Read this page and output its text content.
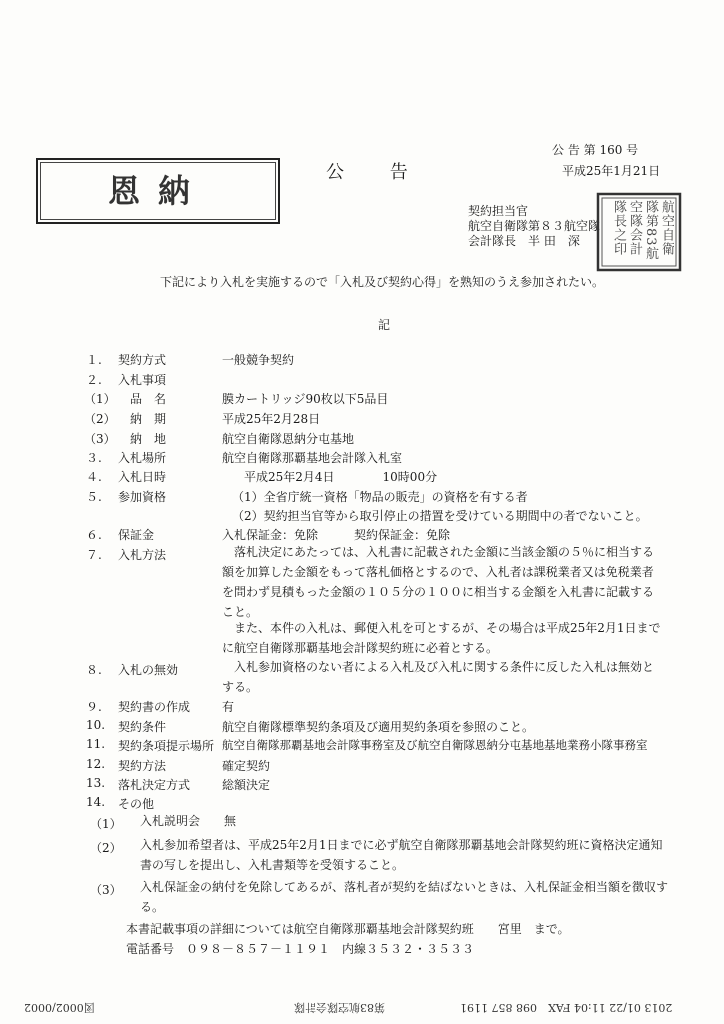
公 告 第 160 号
平成25年1月21日
公 告
恩納
契約担当官
航空自衛隊第８３航空隊
会計隊長　半 田　深	航空自衛隊第83航空隊会計隊長之印
下記により入札を実施するので「入札及び契約心得」を熟知のうえ参加されたい。
記
１. 契約方式	一般競争契約
２. 入札事項
（1） 品　名	膜カートリッジ90枚以下5品目
（2） 納　期	平成25年2月28日
（3） 納　地	航空自衛隊恩納分屯基地
３. 入札場所	航空自衛隊那覇基地会計隊入札室
４. 入札日時	平成25年2月4日　　　　10時00分
５. 参加資格	（1）全省庁統一資格「物品の販売」の資格を有する者
（2）契約担当官等から取引停止の措置を受けている期間中の者でないこと。
６. 保証金	入札保証金：免除　　　契約保証金：免除
７. 入札方法	落札決定にあたっては、入札書に記載された金額に当該金額の５％に相当する額を加算した金額をもって落札価格とするので、入札者は課税業者又は免税業者を問わず見積もった金額の１０５分の１００に相当する金額を入札書に記載すること。
また、本件の入札は、郵便入札を可とするが、その場合は平成25年2月1日までに航空自衛隊那覇基地会計隊契約班に必着とする。
８. 入札の無効	入札参加資格のない者による入札及び入札に関する条件に反した入札は無効とする。
９. 契約書の作成	有
10. 契約条件	航空自衛隊標準契約条項及び適用契約条項を参照のこと。
11. 契約条項提示場所 航空自衛隊那覇基地会計隊事務室及び航空自衛隊恩納分屯基地基地業務小隊事務室
12. 契約方法	確定契約
13. 落札決定方式	総額決定
14. その他
（1） 入札説明会　　無
（2） 入札参加希望者は、平成25年2月1日までに必ず航空自衛隊那覇基地会計隊契約班に資格決定通知書の写しを提出し、入札書類等を受領すること。
（3） 入札保証金の納付を免除してあるが、落札者が契約を結ばないときは、入札保証金相当額を徴収する。
本書記載事項の詳細については航空自衛隊那覇基地会計隊契約班　　宮里　まで。
電話番号　０９８－８５７－１１９１　内線３５３２・３５３３
2013 01/22 11:04 FAX　098 857 1191
第83航空隊会計隊
図0002/0002
